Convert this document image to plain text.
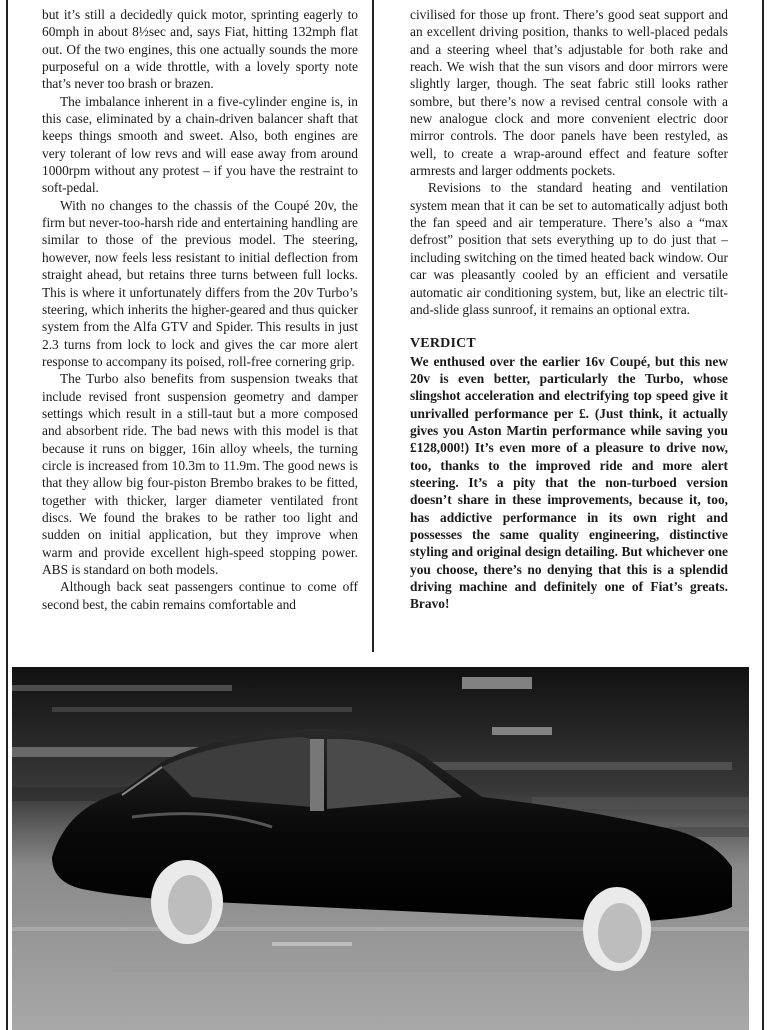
but it’s still a decidedly quick motor, sprinting eagerly to 60mph in about 8½sec and, says Fiat, hitting 132mph flat out. Of the two engines, this one actually sounds the more purposeful on a wide throttle, with a lovely sporty note that’s never too brash or brazen.

The imbalance inherent in a five-cylinder engine is, in this case, eliminated by a chain-driven balancer shaft that keeps things smooth and sweet. Also, both engines are very tolerant of low revs and will ease away from around 1000rpm without any protest – if you have the restraint to soft-pedal.

With no changes to the chassis of the Coupé 20v, the firm but never-too-harsh ride and entertaining handling are similar to those of the previous model. The steering, however, now feels less resistant to initial deflection from straight ahead, but retains three turns between full locks. This is where it unfortunately differs from the 20v Turbo’s steering, which inherits the higher-geared and thus quicker system from the Alfa GTV and Spider. This results in just 2.3 turns from lock to lock and gives the car more alert response to accompany its poised, roll-free cornering grip.

The Turbo also benefits from suspension tweaks that include revised front suspension geometry and damper settings which result in a still-taut but a more composed and absorbent ride. The bad news with this model is that because it runs on bigger, 16in alloy wheels, the turning circle is increased from 10.3m to 11.9m. The good news is that they allow big four-piston Brembo brakes to be fitted, together with thicker, larger diameter ventilated front discs. We found the brakes to be rather too light and sudden on initial application, but they improve when warm and provide excellent high-speed stopping power. ABS is standard on both models.

Although back seat passengers continue to come off second best, the cabin remains comfortable and

civilised for those up front. There’s good seat support and an excellent driving position, thanks to well-placed pedals and a steering wheel that’s adjustable for both rake and reach. We wish that the sun visors and door mirrors were slightly larger, though. The seat fabric still looks rather sombre, but there’s now a revised central console with a new analogue clock and more convenient electric door mirror controls. The door panels have been restyled, as well, to create a wrap-around effect and feature softer armrests and larger oddments pockets.

Revisions to the standard heating and ventilation system mean that it can be set to automatically adjust both the fan speed and air temperature. There’s also a “max defrost” position that sets everything up to do just that – including switching on the timed heated back window. Our car was pleasantly cooled by an efficient and versatile automatic air conditioning system, but, like an electric tilt-and-slide glass sunroof, it remains an optional extra.

VERDICT

We enthused over the earlier 16v Coupé, but this new 20v is even better, particularly the Turbo, whose slingshot acceleration and electrifying top speed give it unrivalled performance per £. (Just think, it actually gives you Aston Martin performance while saving you £128,000!) It’s even more of a pleasure to drive now, too, thanks to the improved ride and more alert steering. It’s a pity that the non-turboed version doesn’t share in these improvements, because it, too, has addictive performance in its own right and possesses the same quality engineering, distinctive styling and original design detailing. But whichever one you choose, there’s no denying that this is a splendid driving machine and definitely one of Fiat’s greats. Bravo!
